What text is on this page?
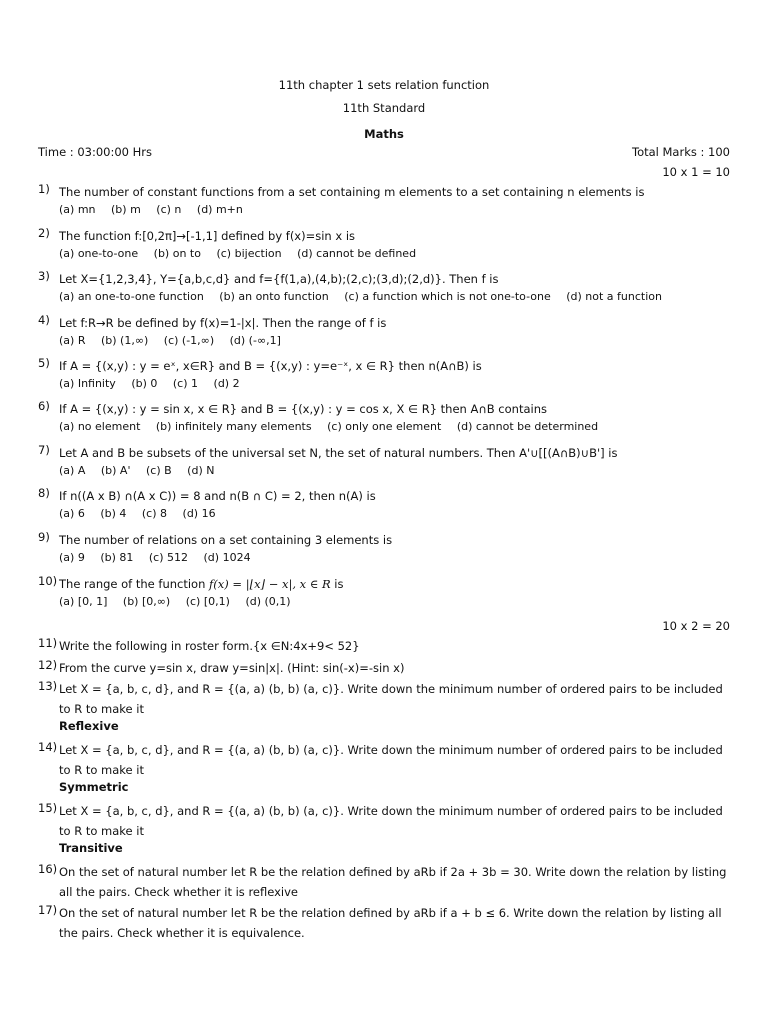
11th chapter 1 sets relation function
11th Standard
Maths
Time : 03:00:00 Hrs	Total Marks : 100
10 x 1 = 10
1) The number of constant functions from a set containing m elements to a set containing n elements is
(a) mn (b) m (c) n (d) m+n
2) The function f:[0,2π]→[-1,1] defined by f(x)=sin x is
(a) one-to-one (b) on to (c) bijection (d) cannot be defined
3) Let X={1,2,3,4}, Y={a,b,c,d} and f={f(1,a),(4,b);(2,c);(3,d);(2,d)}. Then f is
(a) an one-to-one function (b) an onto function (c) a function which is not one-to-one (d) not a function
4) Let f:R→R be defined by f(x)=1-|x|. Then the range of f is
(a) R (b) (1,∞) (c) (-1,∞) (d) (-∞,1]
5) If A = {(x,y) : y = eˣ, x∈R} and B = {(x,y) : y=e⁻ˣ, x ∈ R} then n(A∩B) is
(a) Infinity (b) 0 (c) 1 (d) 2
6) If A = {(x,y) : y = sin x, x ∈ R} and B = {(x,y) : y = cos x, X ∈ R} then A∩B contains
(a) no element (b) infinitely many elements (c) only one element (d) cannot be determined
7) Let A and B be subsets of the universal set N, the set of natural numbers. Then A'∪[[(A∩B)∪B'] is
(a) A (b) A' (c) B (d) N
8) If n((A x B) ∩(A x C)) = 8 and n(B ∩ C) = 2, then n(A) is
(a) 6 (b) 4 (c) 8 (d) 16
9) The number of relations on a set containing 3 elements is
(a) 9 (b) 81 (c) 512 (d) 1024
10) The range of the function f(x) = |⌊x⌋ − x|, x ∈ R is
(a) [0, 1] (b) [0,∞) (c) [0,1) (d) (0,1)
10 x 2 = 20
11) Write the following in roster form.{x ∈N:4x+9< 52}
12) From the curve y=sin x, draw y=sin|x|. (Hint: sin(-x)=-sin x)
13) Let X = {a, b, c, d}, and R = {(a, a) (b, b) (a, c)}. Write down the minimum number of ordered pairs to be included to R to make it
Reflexive
14) Let X = {a, b, c, d}, and R = {(a, a) (b, b) (a, c)}. Write down the minimum number of ordered pairs to be included to R to make it
Symmetric
15) Let X = {a, b, c, d}, and R = {(a, a) (b, b) (a, c)}. Write down the minimum number of ordered pairs to be included to R to make it
Transitive
16) On the set of natural number let R be the relation defined by aRb if 2a + 3b = 30. Write down the relation by listing all the pairs. Check whether it is reflexive
17) On the set of natural number let R be the relation defined by aRb if a + b ≤ 6. Write down the relation by listing all the pairs. Check whether it is equivalence.
